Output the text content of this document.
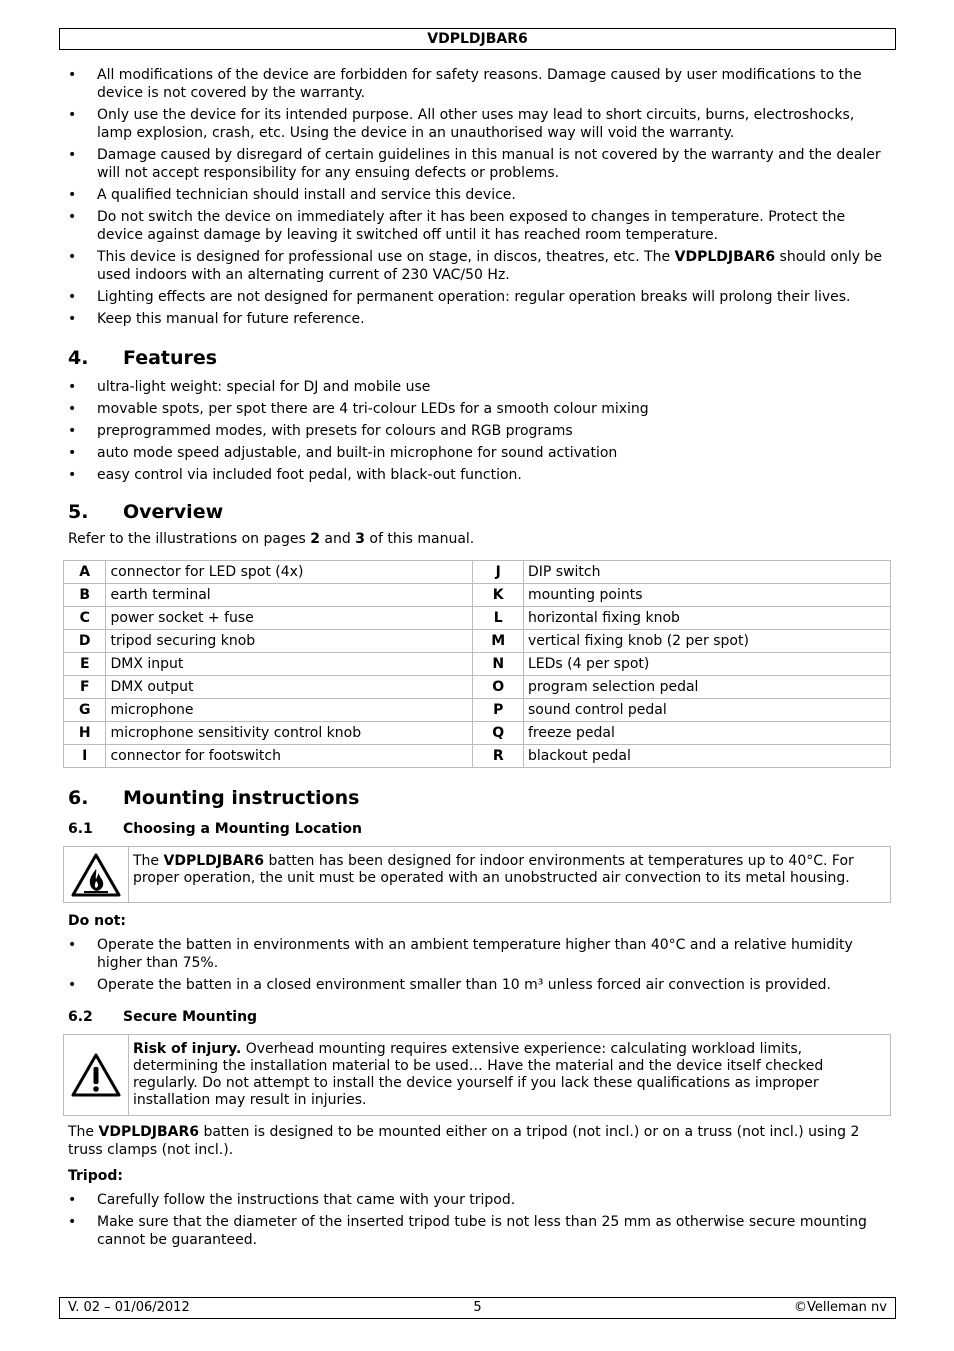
VDPLDJBAR6
• All modifications of the device are forbidden for safety reasons. Damage caused by user modifications to the device is not covered by the warranty.
• Only use the device for its intended purpose. All other uses may lead to short circuits, burns, electroshocks, lamp explosion, crash, etc. Using the device in an unauthorised way will void the warranty.
• Damage caused by disregard of certain guidelines in this manual is not covered by the warranty and the dealer will not accept responsibility for any ensuing defects or problems.
• A qualified technician should install and service this device.
• Do not switch the device on immediately after it has been exposed to changes in temperature. Protect the device against damage by leaving it switched off until it has reached room temperature.
• This device is designed for professional use on stage, in discos, theatres, etc. The VDPLDJBAR6 should only be used indoors with an alternating current of 230 VAC/50 Hz.
• Lighting effects are not designed for permanent operation: regular operation breaks will prolong their lives.
• Keep this manual for future reference.
4.	Features
• ultra-light weight: special for DJ and mobile use
• movable spots, per spot there are 4 tri-colour LEDs for a smooth colour mixing
• preprogrammed modes, with presets for colours and RGB programs
• auto mode speed adjustable, and built-in microphone for sound activation
• easy control via included foot pedal, with black-out function.
5.	Overview

Refer to the illustrations on pages 2 and 3 of this manual.

A	connector for LED spot (4x)	J	DIP switch
B	earth terminal	K	mounting points
C	power socket + fuse	L	horizontal fixing knob
D	tripod securing knob	M	vertical fixing knob (2 per spot)
E	DMX input	N	LEDs (4 per spot)
F	DMX output	O	program selection pedal
G	microphone	P	sound control pedal
H	microphone sensitivity control knob	Q	freeze pedal
I	connector for footswitch	R	blackout pedal
6.	Mounting instructions
6.1	Choosing a Mounting Location
The VDPLDJBAR6 batten has been designed for indoor environments at temperatures up to 40°C. For proper operation, the unit must be operated with an unobstructed air convection to its metal housing.

Do not:

• Operate the batten in environments with an ambient temperature higher than 40°C and a relative humidity higher than 75%.
• Operate the batten in a closed environment smaller than 10 m³ unless forced air convection is provided.
6.2	Secure Mounting
Risk of injury. Overhead mounting requires extensive experience: calculating workload limits, determining the installation material to be used… Have the material and the device itself checked regularly. Do not attempt to install the device yourself if you lack these qualifications as improper installation may result in injuries.

The VDPLDJBAR6 batten is designed to be mounted either on a tripod (not incl.) or on a truss (not incl.) using 2 truss clamps (not incl.).

Tripod:

• Carefully follow the instructions that came with your tripod.
• Make sure that the diameter of the inserted tripod tube is not less than 25 mm as otherwise secure mounting cannot be guaranteed.
V. 02 – 01/06/2012	5	©Velleman nv
